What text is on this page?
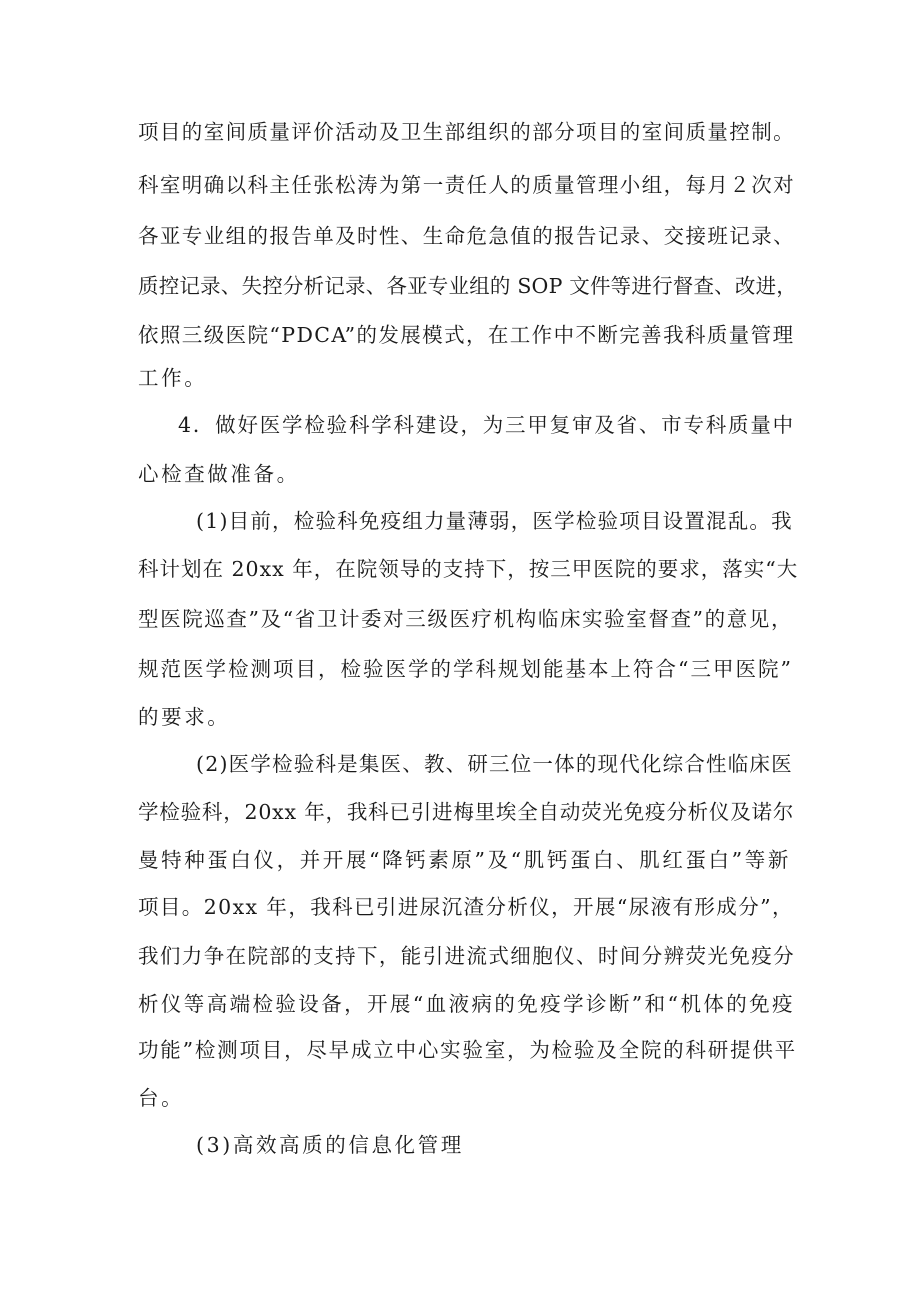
项目的室间质量评价活动及卫生部组织的部分项目的室间质量控制。
科室明确以科主任张松涛为第一责任人的质量管理小组，每月２次对
各亚专业组的报告单及时性、生命危急值的报告记录、交接班记录、
质控记录、失控分析记录、各亚专业组的 SOP 文件等进行督查、改进，
依照三级医院“PDCA”的发展模式，在工作中不断完善我科质量管理
工作。
4．做好医学检验科学科建设，为三甲复审及省、市专科质量中
心检查做准备。
(1)目前，检验科免疫组力量薄弱，医学检验项目设置混乱。我
科计划在 20xx 年，在院领导的支持下，按三甲医院的要求，落实“大
型医院巡查”及“省卫计委对三级医疗机构临床实验室督查”的意见，
规范医学检测项目，检验医学的学科规划能基本上符合“三甲医院”
的要求。
(2)医学检验科是集医、教、研三位一体的现代化综合性临床医
学检验科，20xx 年，我科已引进梅里埃全自动荧光免疫分析仪及诺尔
曼特种蛋白仪，并开展“降钙素原”及“肌钙蛋白、肌红蛋白”等新
项目。20xx 年，我科已引进尿沉渣分析仪，开展“尿液有形成分”，
我们力争在院部的支持下，能引进流式细胞仪、时间分辨荧光免疫分
析仪等高端检验设备，开展“血液病的免疫学诊断”和“机体的免疫
功能”检测项目，尽早成立中心实验室，为检验及全院的科研提供平
台。
(3)高效高质的信息化管理
